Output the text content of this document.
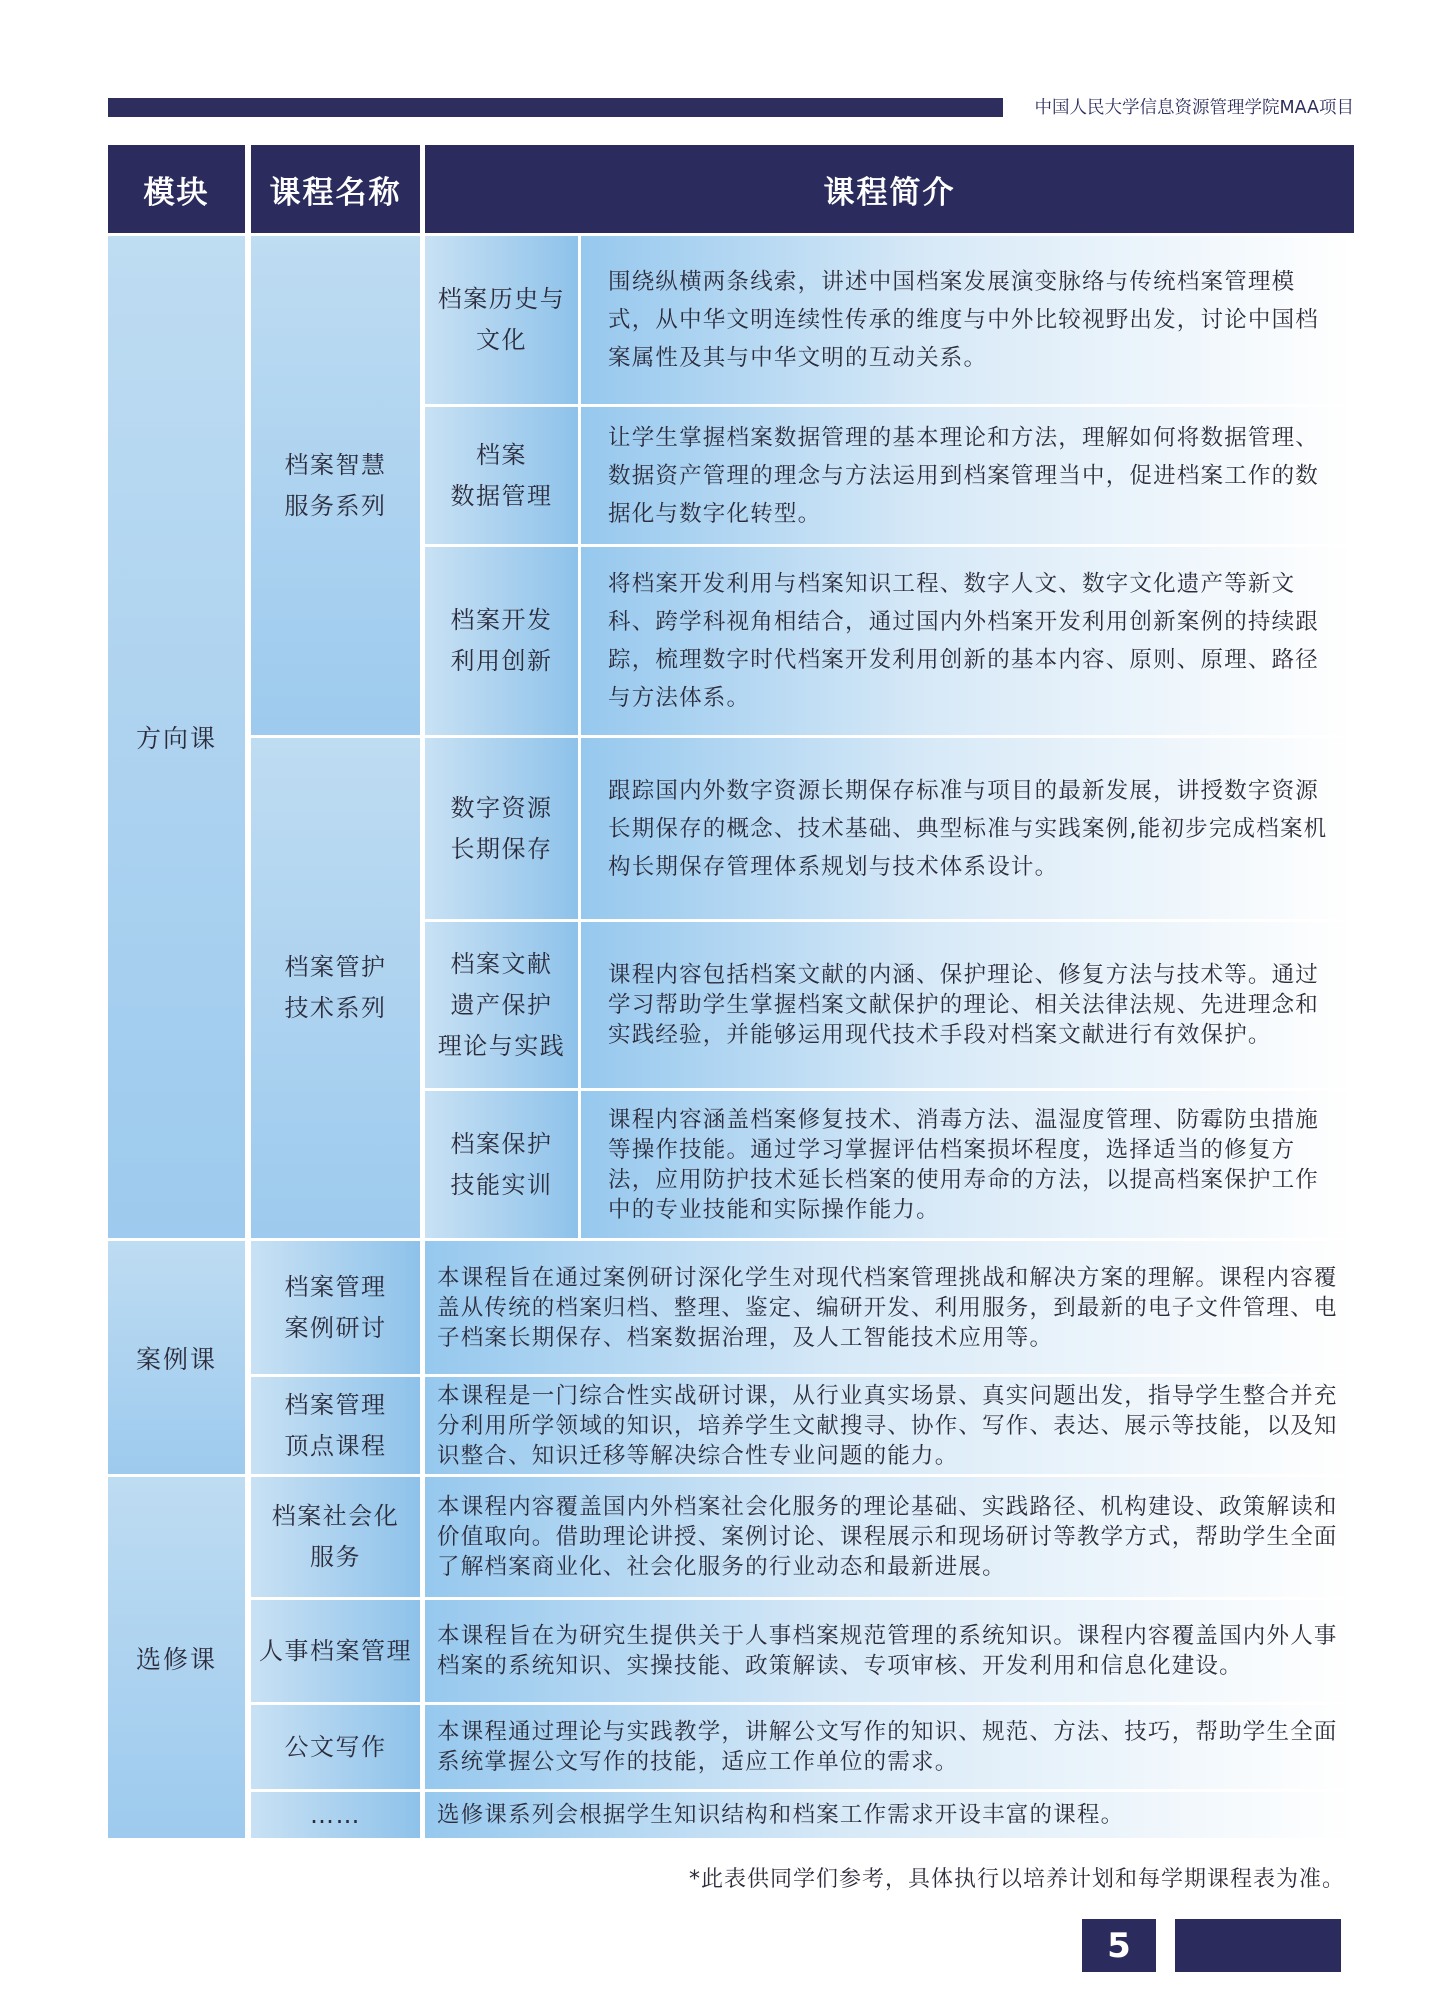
中国人民大学信息资源管理学院MAA项目
模块	课程名称	课程简介
方向课
案例课
选修课
档案智慧
服务系列
档案管护
技术系列
档案历史与
文化
档案
数据管理
档案开发
利用创新
数字资源
长期保存
档案文献
遗产保护
理论与实践
档案保护
技能实训
围绕纵横两条线索，讲述中国档案发展演变脉络与传统档案管理模式，从中华文明连续性传承的维度与中外比较视野出发，讨论中国档案属性及其与中华文明的互动关系。
让学生掌握档案数据管理的基本理论和方法，理解如何将数据管理、数据资产管理的理念与方法运用到档案管理当中，促进档案工作的数据化与数字化转型。
将档案开发利用与档案知识工程、数字人文、数字文化遗产等新文科、跨学科视角相结合，通过国内外档案开发利用创新案例的持续跟踪，梳理数字时代档案开发利用创新的基本内容、原则、原理、路径与方法体系。
跟踪国内外数字资源长期保存标准与项目的最新发展，讲授数字资源长期保存的概念、技术基础、典型标准与实践案例,能初步完成档案机构长期保存管理体系规划与技术体系设计。
课程内容包括档案文献的内涵、保护理论、修复方法与技术等。通过学习帮助学生掌握档案文献保护的理论、相关法律法规、先进理念和实践经验，并能够运用现代技术手段对档案文献进行有效保护。
课程内容涵盖档案修复技术、消毒方法、温湿度管理、防霉防虫措施等操作技能。通过学习掌握评估档案损坏程度，选择适当的修复方法，应用防护技术延长档案的使用寿命的方法，以提高档案保护工作中的专业技能和实际操作能力。
档案管理
案例研讨
档案管理
顶点课程
档案社会化
服务
人事档案管理
公文写作
……
本课程旨在通过案例研讨深化学生对现代档案管理挑战和解决方案的理解。课程内容覆盖从传统的档案归档、整理、鉴定、编研开发、利用服务，到最新的电子文件管理、电子档案长期保存、档案数据治理，及人工智能技术应用等。
本课程是一门综合性实战研讨课，从行业真实场景、真实问题出发，指导学生整合并充分利用所学领域的知识，培养学生文献搜寻、协作、写作、表达、展示等技能，以及知识整合、知识迁移等解决综合性专业问题的能力。
本课程内容覆盖国内外档案社会化服务的理论基础、实践路径、机构建设、政策解读和价值取向。借助理论讲授、案例讨论、课程展示和现场研讨等教学方式，帮助学生全面了解档案商业化、社会化服务的行业动态和最新进展。
本课程旨在为研究生提供关于人事档案规范管理的系统知识。课程内容覆盖国内外人事档案的系统知识、实操技能、政策解读、专项审核、开发利用和信息化建设。
本课程通过理论与实践教学，讲解公文写作的知识、规范、方法、技巧，帮助学生全面系统掌握公文写作的技能，适应工作单位的需求。
选修课系列会根据学生知识结构和档案工作需求开设丰富的课程。
*此表供同学们参考，具体执行以培养计划和每学期课程表为准。
5
